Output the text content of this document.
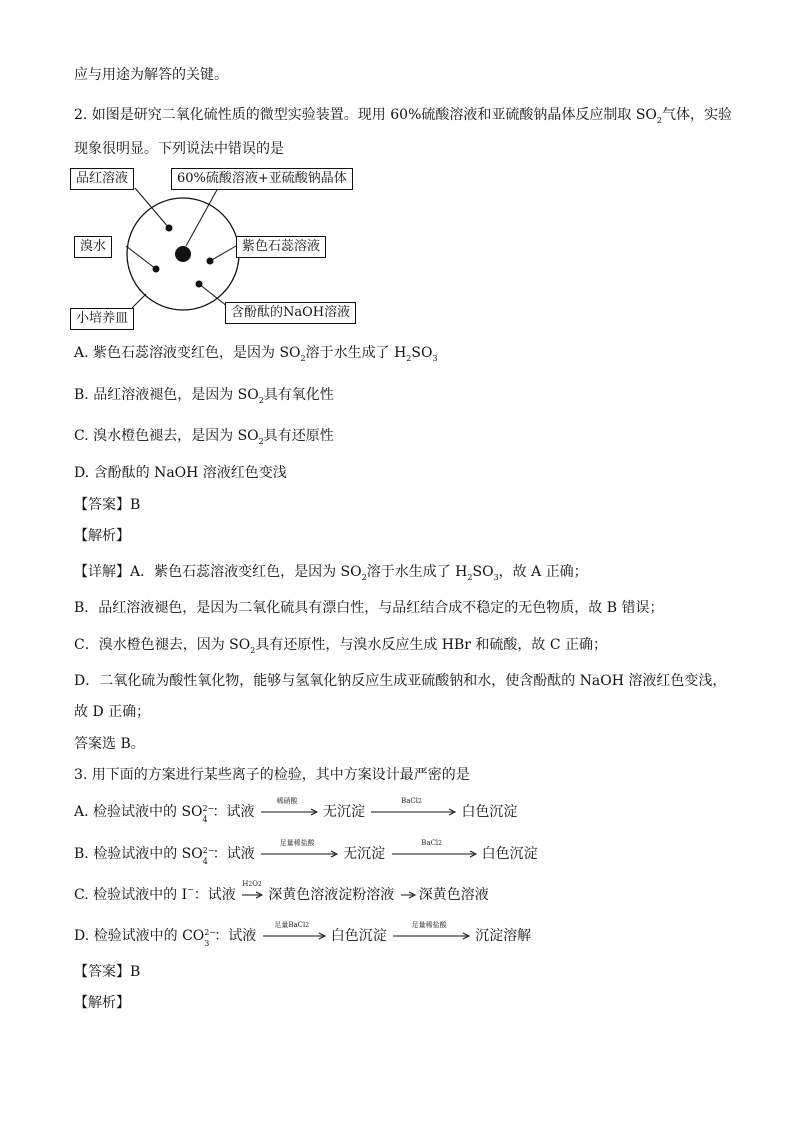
应与用途为解答的关键。
2. 如图是研究二氧化硫性质的微型实验装置。现用 60%硫酸溶液和亚硫酸钠晶体反应制取 $SO_2$气体，实验
现象很明显。下列说法中错误的是
品红溶液	60%硫酸溶液+亚硫酸钠晶体
溴水	紫色石蕊溶液
小培养皿	含酚酞的NaOH溶液
A. 紫色石蕊溶液变红色，是因为 $SO_2$溶于水生成了 $H_2SO_3$
B. 品红溶液褪色，是因为 $SO_2$具有氧化性
C. 溴水橙色褪去，是因为 $SO_2$具有还原性
D. 含酚酞的 NaOH 溶液红色变浅
【答案】B
【解析】
【详解】A．紫色石蕊溶液变红色，是因为 $SO_2$溶于水生成了 $H_2SO_3$，故 A 正确；
B．品红溶液褪色，是因为二氧化硫具有漂白性，与品红结合成不稳定的无色物质，故 B 错误；
C．溴水橙色褪去，因为 $SO_2$具有还原性，与溴水反应生成 HBr 和硫酸，故 C 正确；
D．二氧化硫为酸性氧化物，能够与氢氧化钠反应生成亚硫酸钠和水，使含酚酞的 NaOH 溶液红色变浅，
故 D 正确；
答案选 B。
3. 用下面的方案进行某些离子的检验，其中方案设计最严密的是
A. 检验试液中的 SO 2−
4 ：试液
稀硝酸
无沉淀
BaCl2
白色沉淀
B. 检验试液中的 SO 2−
4 ：试液
足量稀盐酸
无沉淀
BaCl2
白色沉淀
C. 检验试液中的 I−：试液
H2O2
深黄色溶液淀粉溶液 深黄色溶液
D. 检验试液中的 CO 2−
3 ：试液
足量BaCl2
白色沉淀
足量稀盐酸
沉淀溶解
【答案】B
【解析】
